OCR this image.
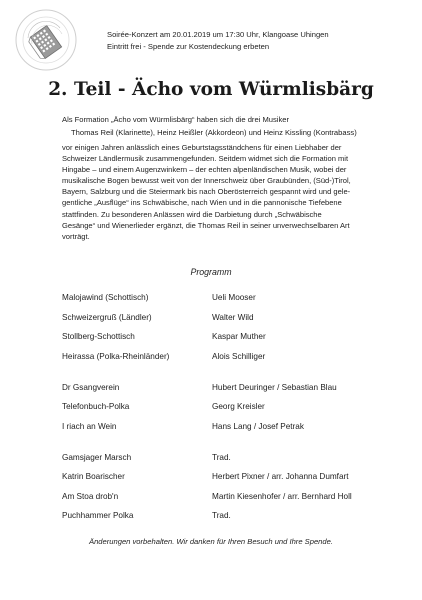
Soirée-Konzert am 20.01.2019 um 17:30 Uhr, Klangoase Uhingen
Eintritt frei - Spende zur Kostendeckung erbeten
2. Teil - Ächo vom Würmlisbärg
Als Formation „Ächo vom Würmlisbärg“ haben sich die drei Musiker
Thomas Reil (Klarinette), Heinz Heißler (Akkordeon) und Heinz Kissling (Kontrabass)
vor einigen Jahren anlässlich eines Geburtstagsständchens für einen Liebhaber der
Schweizer Ländlermusik zusammengefunden. Seitdem widmet sich die Formation mit
Hingabe – und einem Augenzwinkern – der echten alpenländischen Musik, wobei der
musikalische Bogen bewusst weit von der Innerschweiz über Graubünden, (Süd-)Tirol,
Bayern, Salzburg und die Steiermark bis nach Oberösterreich gespannt wird und gele-
gentliche „Ausflüge“ ins Schwäbische, nach Wien und in die pannonische Tiefebene
stattfinden. Zu besonderen Anlässen wird die Darbietung durch „Schwäbische
Gesänge“ und Wienerlieder ergänzt, die Thomas Reil in seiner unverwechselbaren Art
vorträgt.
Programm
Malojawind (Schottisch)	Ueli Mooser
Schweizergruß (Ländler)	Walter Wild
Stollberg-Schottisch	Kaspar Muther
Heirassa (Polka-Rheinländer)	Alois Schilliger
Dr Gsangverein	Hubert Deuringer / Sebastian Blau
Telefonbuch-Polka	Georg Kreisler
I riach an Wein	Hans Lang / Josef Petrak
Gamsjager Marsch	Trad.
Katrin Boarischer	Herbert Pixner / arr. Johanna Dumfart
Am Stoa drob'n	Martin Kiesenhofer / arr. Bernhard Holl
Puchhammer Polka	Trad.
Änderungen vorbehalten. Wir danken für Ihren Besuch und Ihre Spende.
